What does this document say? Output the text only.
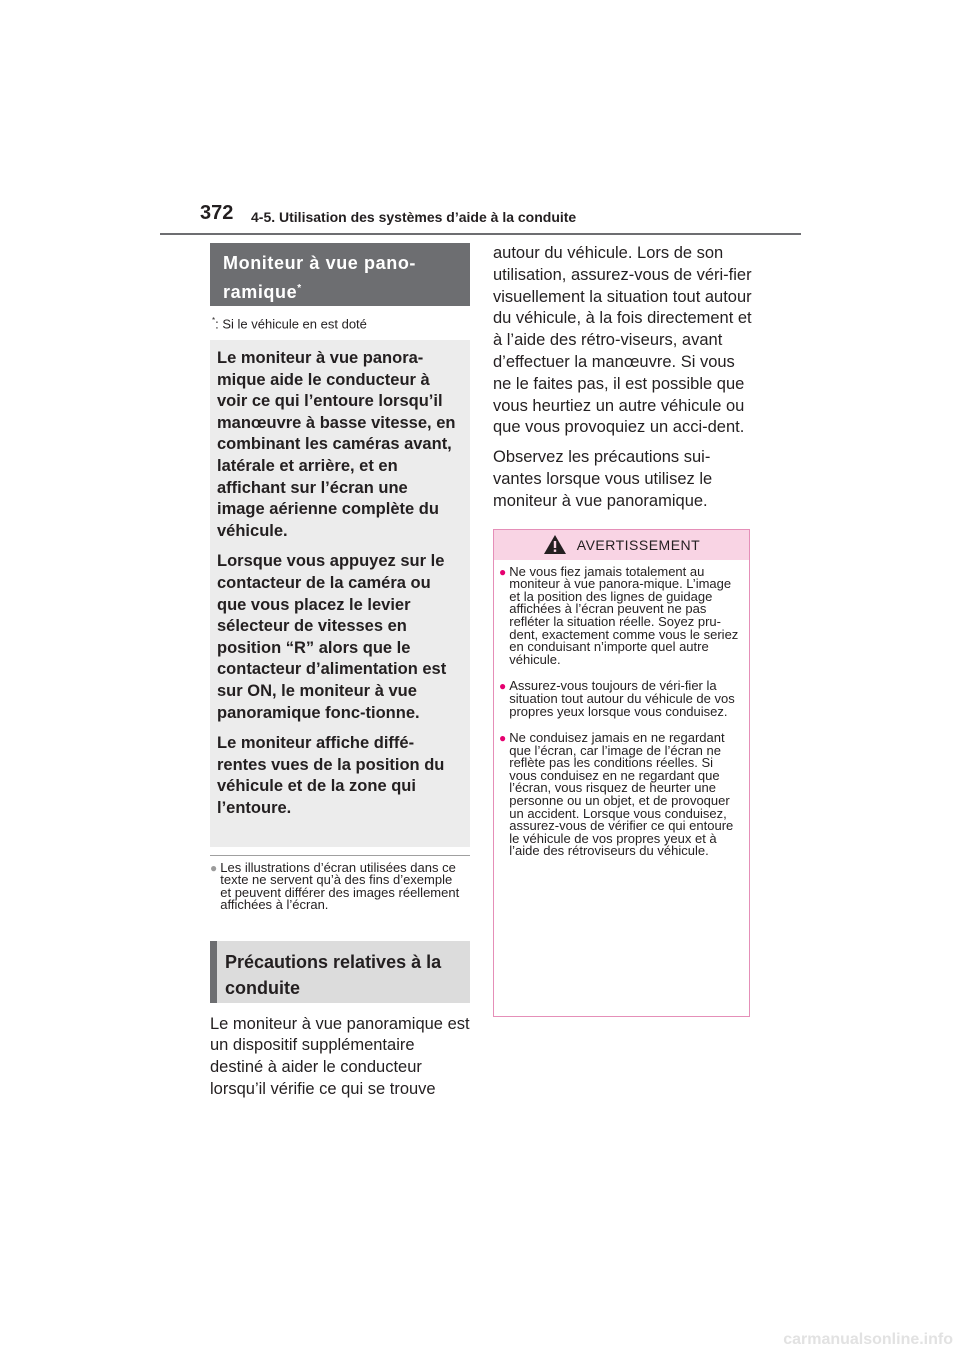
372 4-5. Utilisation des systèmes d’aide à la conduite
Moniteur à vue pano-
ramique*
*: Si le véhicule en est doté

Le moniteur à vue panora-mique aide le conducteur à voir ce qui l’entoure lorsqu’il manœuvre à basse vitesse, en combinant les caméras avant, latérale et arrière, et en affichant sur l’écran une image aérienne complète du véhicule.

Lorsque vous appuyez sur le contacteur de la caméra ou que vous placez le levier sélecteur de vitesses en position “R” alors que le contacteur d’alimentation est sur ON, le moniteur à vue panoramique fonc-tionne.

Le moniteur affiche diffé-rentes vues de la position du véhicule et de la zone qui l’entoure.

● Les illustrations d’écran utilisées dans ce texte ne servent qu’à des fins d’exemple et peuvent différer des images réellement affichées à l’écran.
Précautions relatives à la conduite
Le moniteur à vue panoramique est un dispositif supplémentaire destiné à aider le conducteur lorsqu’il vérifie ce qui se trouve
autour du véhicule. Lors de son utilisation, assurez-vous de véri-fier visuellement la situation tout autour du véhicule, à la fois directement et à l’aide des rétro-viseurs, avant d’effectuer la manœuvre. Si vous ne le faites pas, il est possible que vous heurtiez un autre véhicule ou que vous provoquiez un acci-dent.
Observez les précautions sui-vantes lorsque vous utilisez le moniteur à vue panoramique.
AVERTISSEMENT
● Ne vous fiez jamais totalement au moniteur à vue panora-mique. L’image et la position des lignes de guidage affichées à l’écran peuvent ne pas refléter la situation réelle. Soyez pru-dent, exactement comme vous le seriez en conduisant n’importe quel autre véhicule.
● Assurez-vous toujours de véri-fier la situation tout autour du véhicule de vos propres yeux lorsque vous conduisez.
● Ne conduisez jamais en ne regardant que l’écran, car l’image de l’écran ne reflète pas les conditions réelles. Si vous conduisez en ne regardant que l’écran, vous risquez de heurter une personne ou un objet, et de provoquer un accident. Lorsque vous conduisez, assurez-vous de vérifier ce qui entoure le véhicule de vos propres yeux et à l’aide des rétroviseurs du véhicule.
carmanualsonline.info
